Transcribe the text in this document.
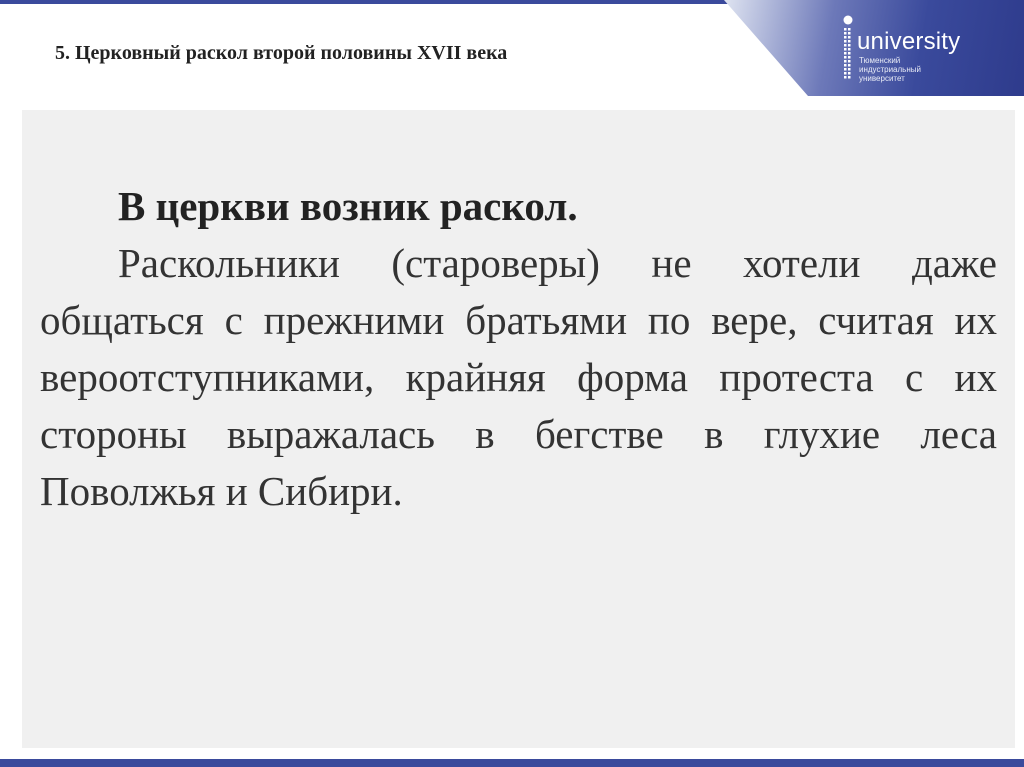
university
Тюменский
индустриальный
университет
5. Церковный раскол второй половины XVII века
В церкви возник раскол.

Раскольники (староверы) не хотели даже общаться с прежними братьями по вере, считая их вероотступниками, крайняя форма протеста с их стороны выражалась в бегстве в глухие леса Поволжья и Сибири.
